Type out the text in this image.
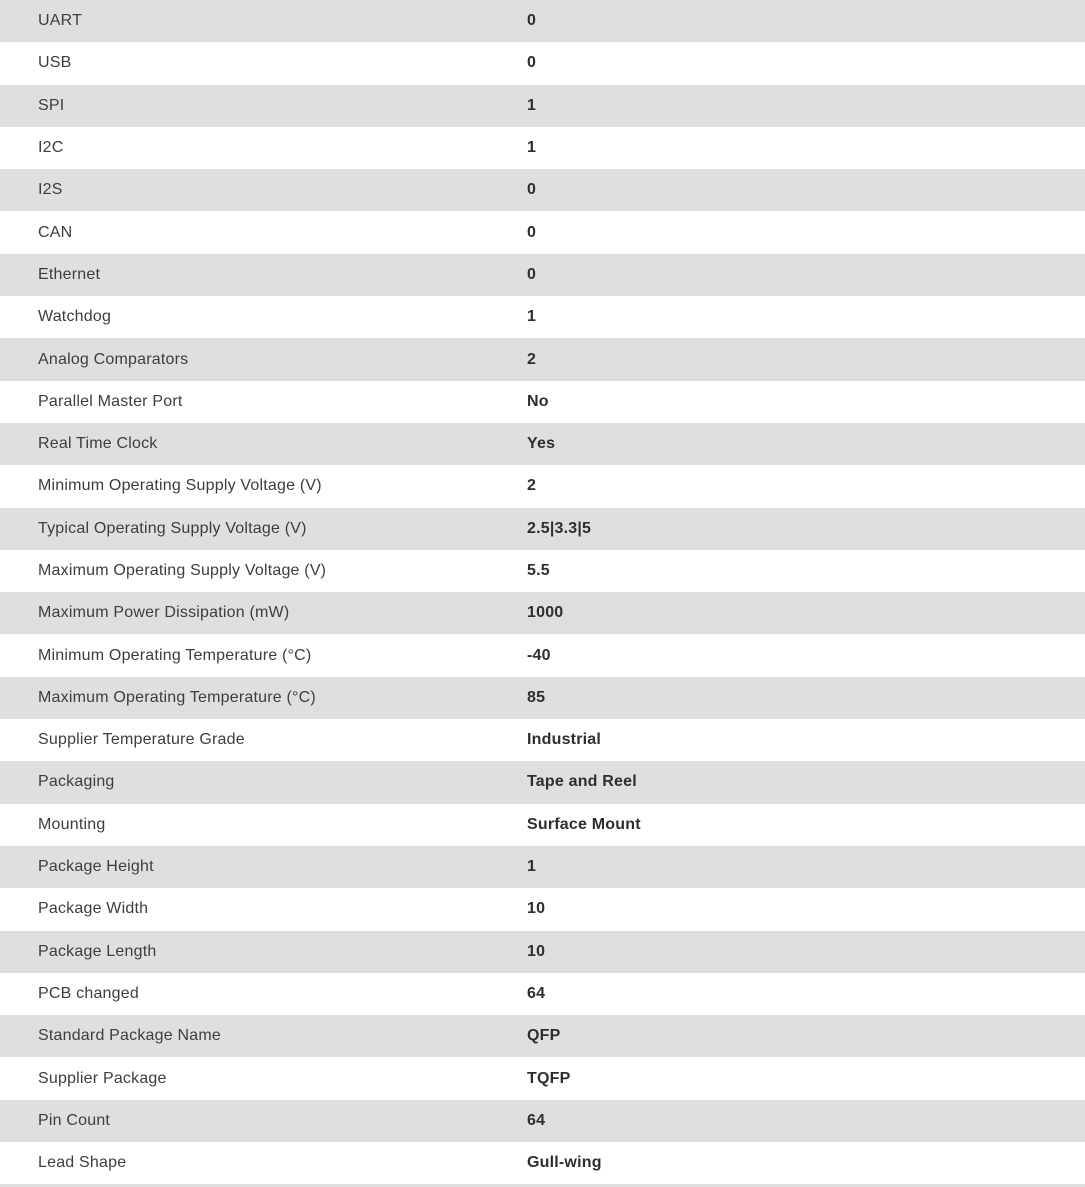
UART	0
USB	0
SPI	1
I2C	1
I2S	0
CAN	0
Ethernet	0
Watchdog	1
Analog Comparators	2
Parallel Master Port	No
Real Time Clock	Yes
Minimum Operating Supply Voltage (V)	2
Typical Operating Supply Voltage (V)	2.5|3.3|5
Maximum Operating Supply Voltage (V)	5.5
Maximum Power Dissipation (mW)	1000
Minimum Operating Temperature (°C)	-40
Maximum Operating Temperature (°C)	85
Supplier Temperature Grade	Industrial
Packaging	Tape and Reel
Mounting	Surface Mount
Package Height	1
Package Width	10
Package Length	10
PCB changed	64
Standard Package Name	QFP
Supplier Package	TQFP
Pin Count	64
Lead Shape	Gull-wing
